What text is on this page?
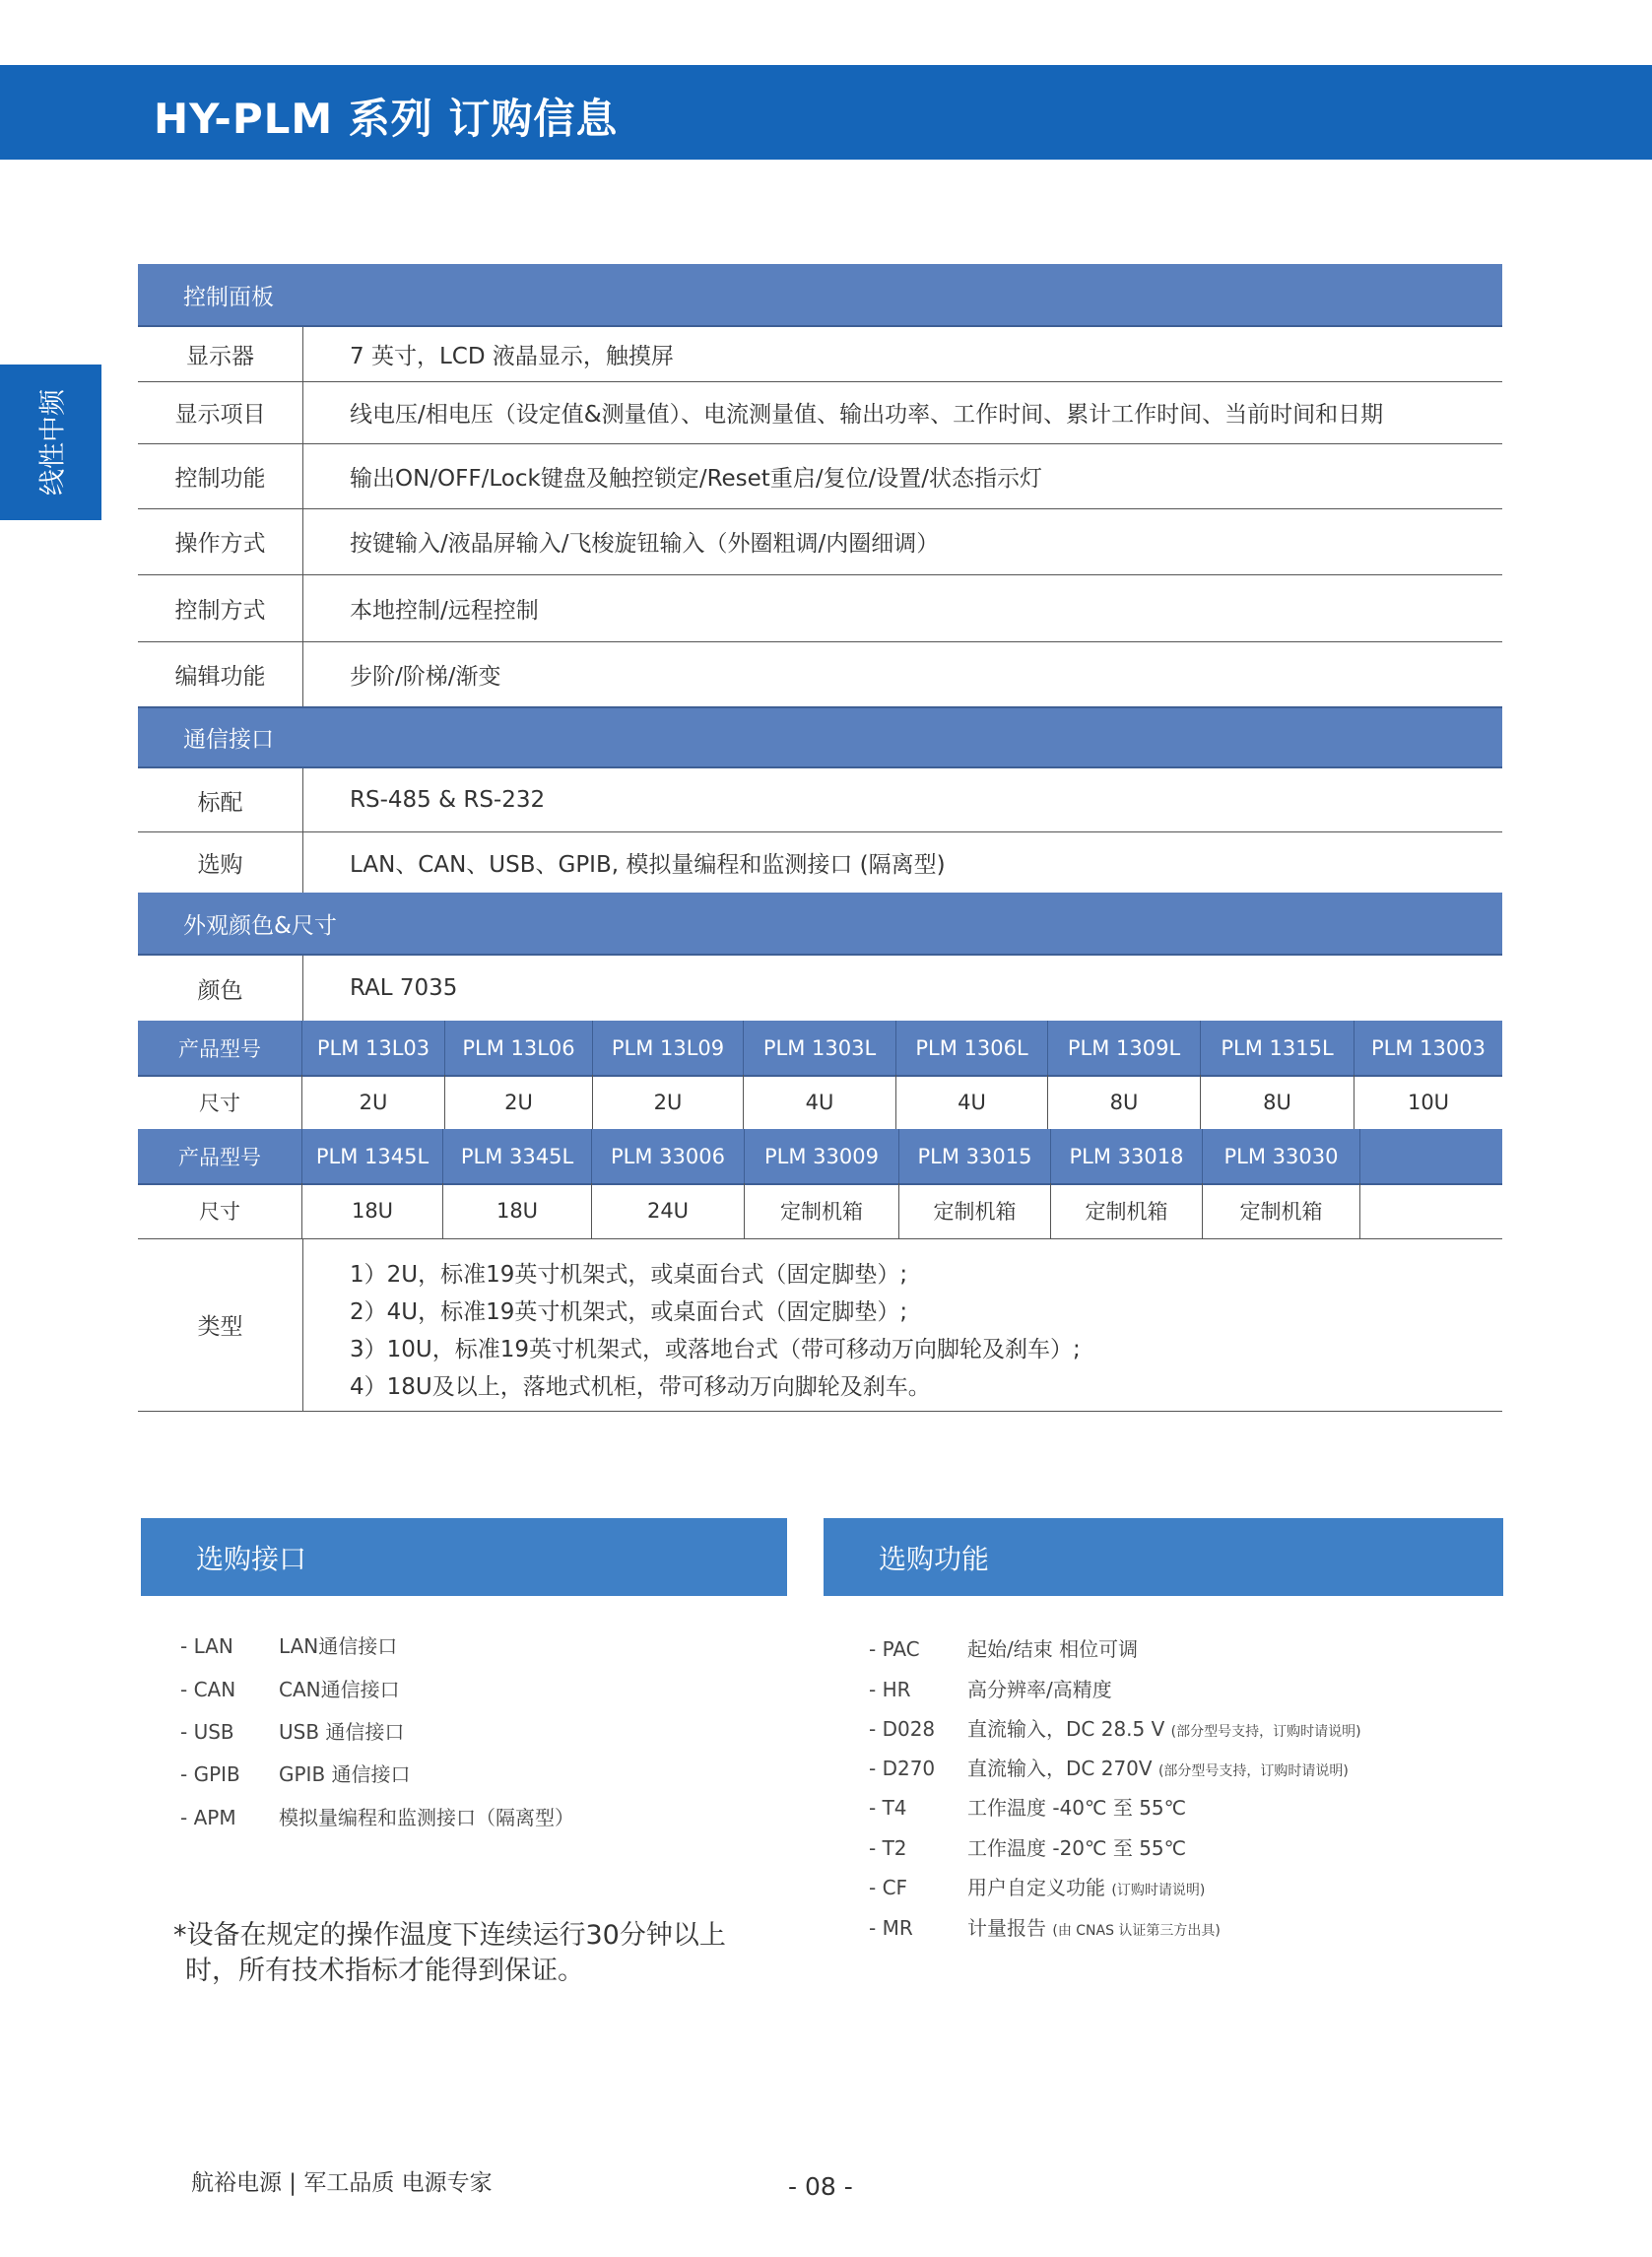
HY-PLM 系列 订购信息
线性中频
控制面板
显示器	7 英寸，LCD 液晶显示，触摸屏
显示项目	线电压/相电压（设定值&测量值）、电流测量值、输出功率、工作时间、累计工作时间、当前时间和日期
控制功能	输出ON/OFF/Lock键盘及触控锁定/Reset重启/复位/设置/状态指示灯
操作方式	按键输入/液晶屏输入/飞梭旋钮输入（外圈粗调/内圈细调）
控制方式	本地控制/远程控制
编辑功能	步阶/阶梯/渐变
通信接口
标配	RS-485 & RS-232
选购	LAN、CAN、USB、GPIB, 模拟量编程和监测接口 (隔离型)
外观颜色&尺寸
颜色	RAL 7035
产品型号	PLM 13L03	PLM 13L06	PLM 13L09	PLM 1303L	PLM 1306L	PLM 1309L	PLM 1315L	PLM 13003
尺寸	2U	2U	2U	4U	4U	8U	8U	10U
产品型号	PLM 1345L	PLM 3345L	PLM 33006	PLM 33009	PLM 33015	PLM 33018	PLM 33030
尺寸	18U	18U	24U	定制机箱	定制机箱	定制机箱	定制机箱
类型
1）2U，标准19英寸机架式，或桌面台式（固定脚垫）;
2）4U，标准19英寸机架式，或桌面台式（固定脚垫）;
3）10U，标准19英寸机架式，或落地台式（带可移动万向脚轮及刹车）;
4）18U及以上，落地式机柜，带可移动万向脚轮及刹车。
选购接口
- LAN LAN通信接口
- CAN CAN通信接口
- USB USB 通信接口
- GPIB GPIB 通信接口
- APM 模拟量编程和监测接口（隔离型）
选购功能
- PAC 起始/结束 相位可调
- HR	高分辨率/高精度
- D028 直流输入，DC 28.5 V (部分型号支持，订购时请说明)
- D270 直流输入，DC 270V (部分型号支持，订购时请说明)
- T4	工作温度 -40℃ 至 55℃
- T2	工作温度 -20℃ 至 55℃
- CF	用户自定义功能 (订购时请说明)
- MR	计量报告 (由 CNAS 认证第三方出具)
*设备在规定的操作温度下连续运行30分钟以上
时，所有技术指标才能得到保证。
航裕电源 | 军工品质 电源专家	- 08 -
